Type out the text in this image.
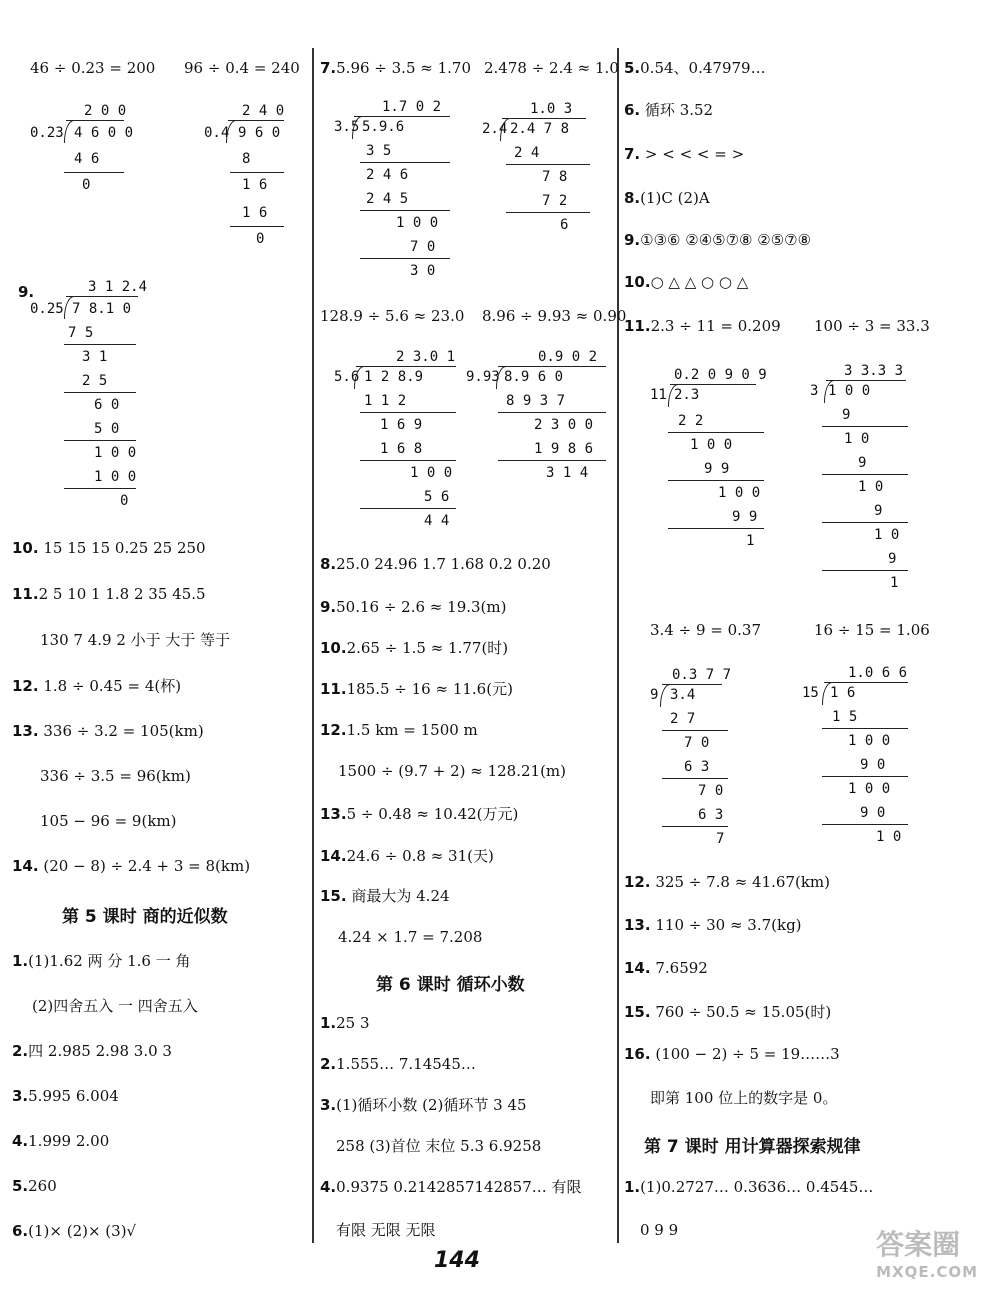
46 ÷ 0.23 = 200 96 ÷ 0.4 = 240
2 0 0
0.23 4 6 0 0
4 6
0
2 4 0
0.4 9 6 0
8
1 6
1 6
0
9.	3 1 2.4
0.25 7 8.1 0
7 5
3 1
2 5
6 0
5 0
1 0 0
1 0 0
0
10. 15 15 15 0.25 25 250
11.2 5 10 1 1.8 2 35 45.5
130 7 4.9 2 小于 大于 等于
12. 1.8 ÷ 0.45 = 4(杯)
13. 336 ÷ 3.2 = 105(km)
336 ÷ 3.5 = 96(km)
105 − 96 = 9(km)
14. (20 − 8) ÷ 2.4 + 3 = 8(km)
第 5 课时 商的近似数
1.(1)1.62 两 分 1.6 一 角
(2)四舍五入 一 四舍五入
2.四 2.985 2.98 3.0 3
3.5.995 6.004
4.1.999 2.00
5.260
6.(1)× (2)× (3)√
7.5.96 ÷ 3.5 ≈ 1.70 2.478 ÷ 2.4 ≈ 1.0
1.7 0 2
3.5 5.9.6
3 5
2 4 6
2 4 5
1 0 0
7 0
3 0
1.0 3
2.4 2.4 7 8
2 4
7 8
7 2
6
128.9 ÷ 5.6 ≈ 23.0 8.96 ÷ 9.93 ≈ 0.90
2 3.0 1
5.6 1 2 8.9
1 1 2
1 6 9
1 6 8
1 0 0
5 6
4 4
0.9 0 2
9.93 8.9 6 0
8 9 3 7
2 3 0 0
1 9 8 6
3 1 4
8.25.0 24.96 1.7 1.68 0.2 0.20
9.50.16 ÷ 2.6 ≈ 19.3(m)
10.2.65 ÷ 1.5 ≈ 1.77(时)
11.185.5 ÷ 16 ≈ 11.6(元)
12.1.5 km = 1500 m
1500 ÷ (9.7 + 2) ≈ 128.21(m)
13.5 ÷ 0.48 ≈ 10.42(万元)
14.24.6 ÷ 0.8 ≈ 31(天)
15. 商最大为 4.24
4.24 × 1.7 = 7.208
第 6 课时 循环小数
1.25 3
2.1.555… 7.14545…
3.(1)循环小数 (2)循环节 3 45
258 (3)首位 末位 5.3 6.9258
4.0.9375 0.2142857142857… 有限
有限 无限 无限
5.0.54、0.47979…
6. 循环 3.52
7. > < < < = >
8.(1)C (2)A
9.①③⑥ ②④⑤⑦⑧ ②⑤⑦⑧
10.○ △ △ ○ ○ △
11.2.3 ÷ 11 = 0.209 100 ÷ 3 = 33.3
0.2 0 9 0 9
11 2.3
2 2
1 0 0
9 9
1 0 0
9 9
1
3 3.3 3
3 1 0 0
9
1 0
9
1 0
9
1 0
9
1
3.4 ÷ 9 = 0.37	16 ÷ 15 = 1.06
0.3 7 7
9 3.4
2 7
7 0
6 3
7 0
6 3
7
1.0 6 6
15 1 6
1 5
1 0 0
9 0
1 0 0
9 0
1 0
12. 325 ÷ 7.8 ≈ 41.67(km)
13. 110 ÷ 30 ≈ 3.7(kg)
14. 7.6592
15. 760 ÷ 50.5 ≈ 15.05(时)
16. (100 − 2) ÷ 5 = 19……3
即第 100 位上的数字是 0。
第 7 课时 用计算器探索规律
1.(1)0.2727… 0.3636… 0.4545…
0 9 9
144	答案圈
MXQE.COM
